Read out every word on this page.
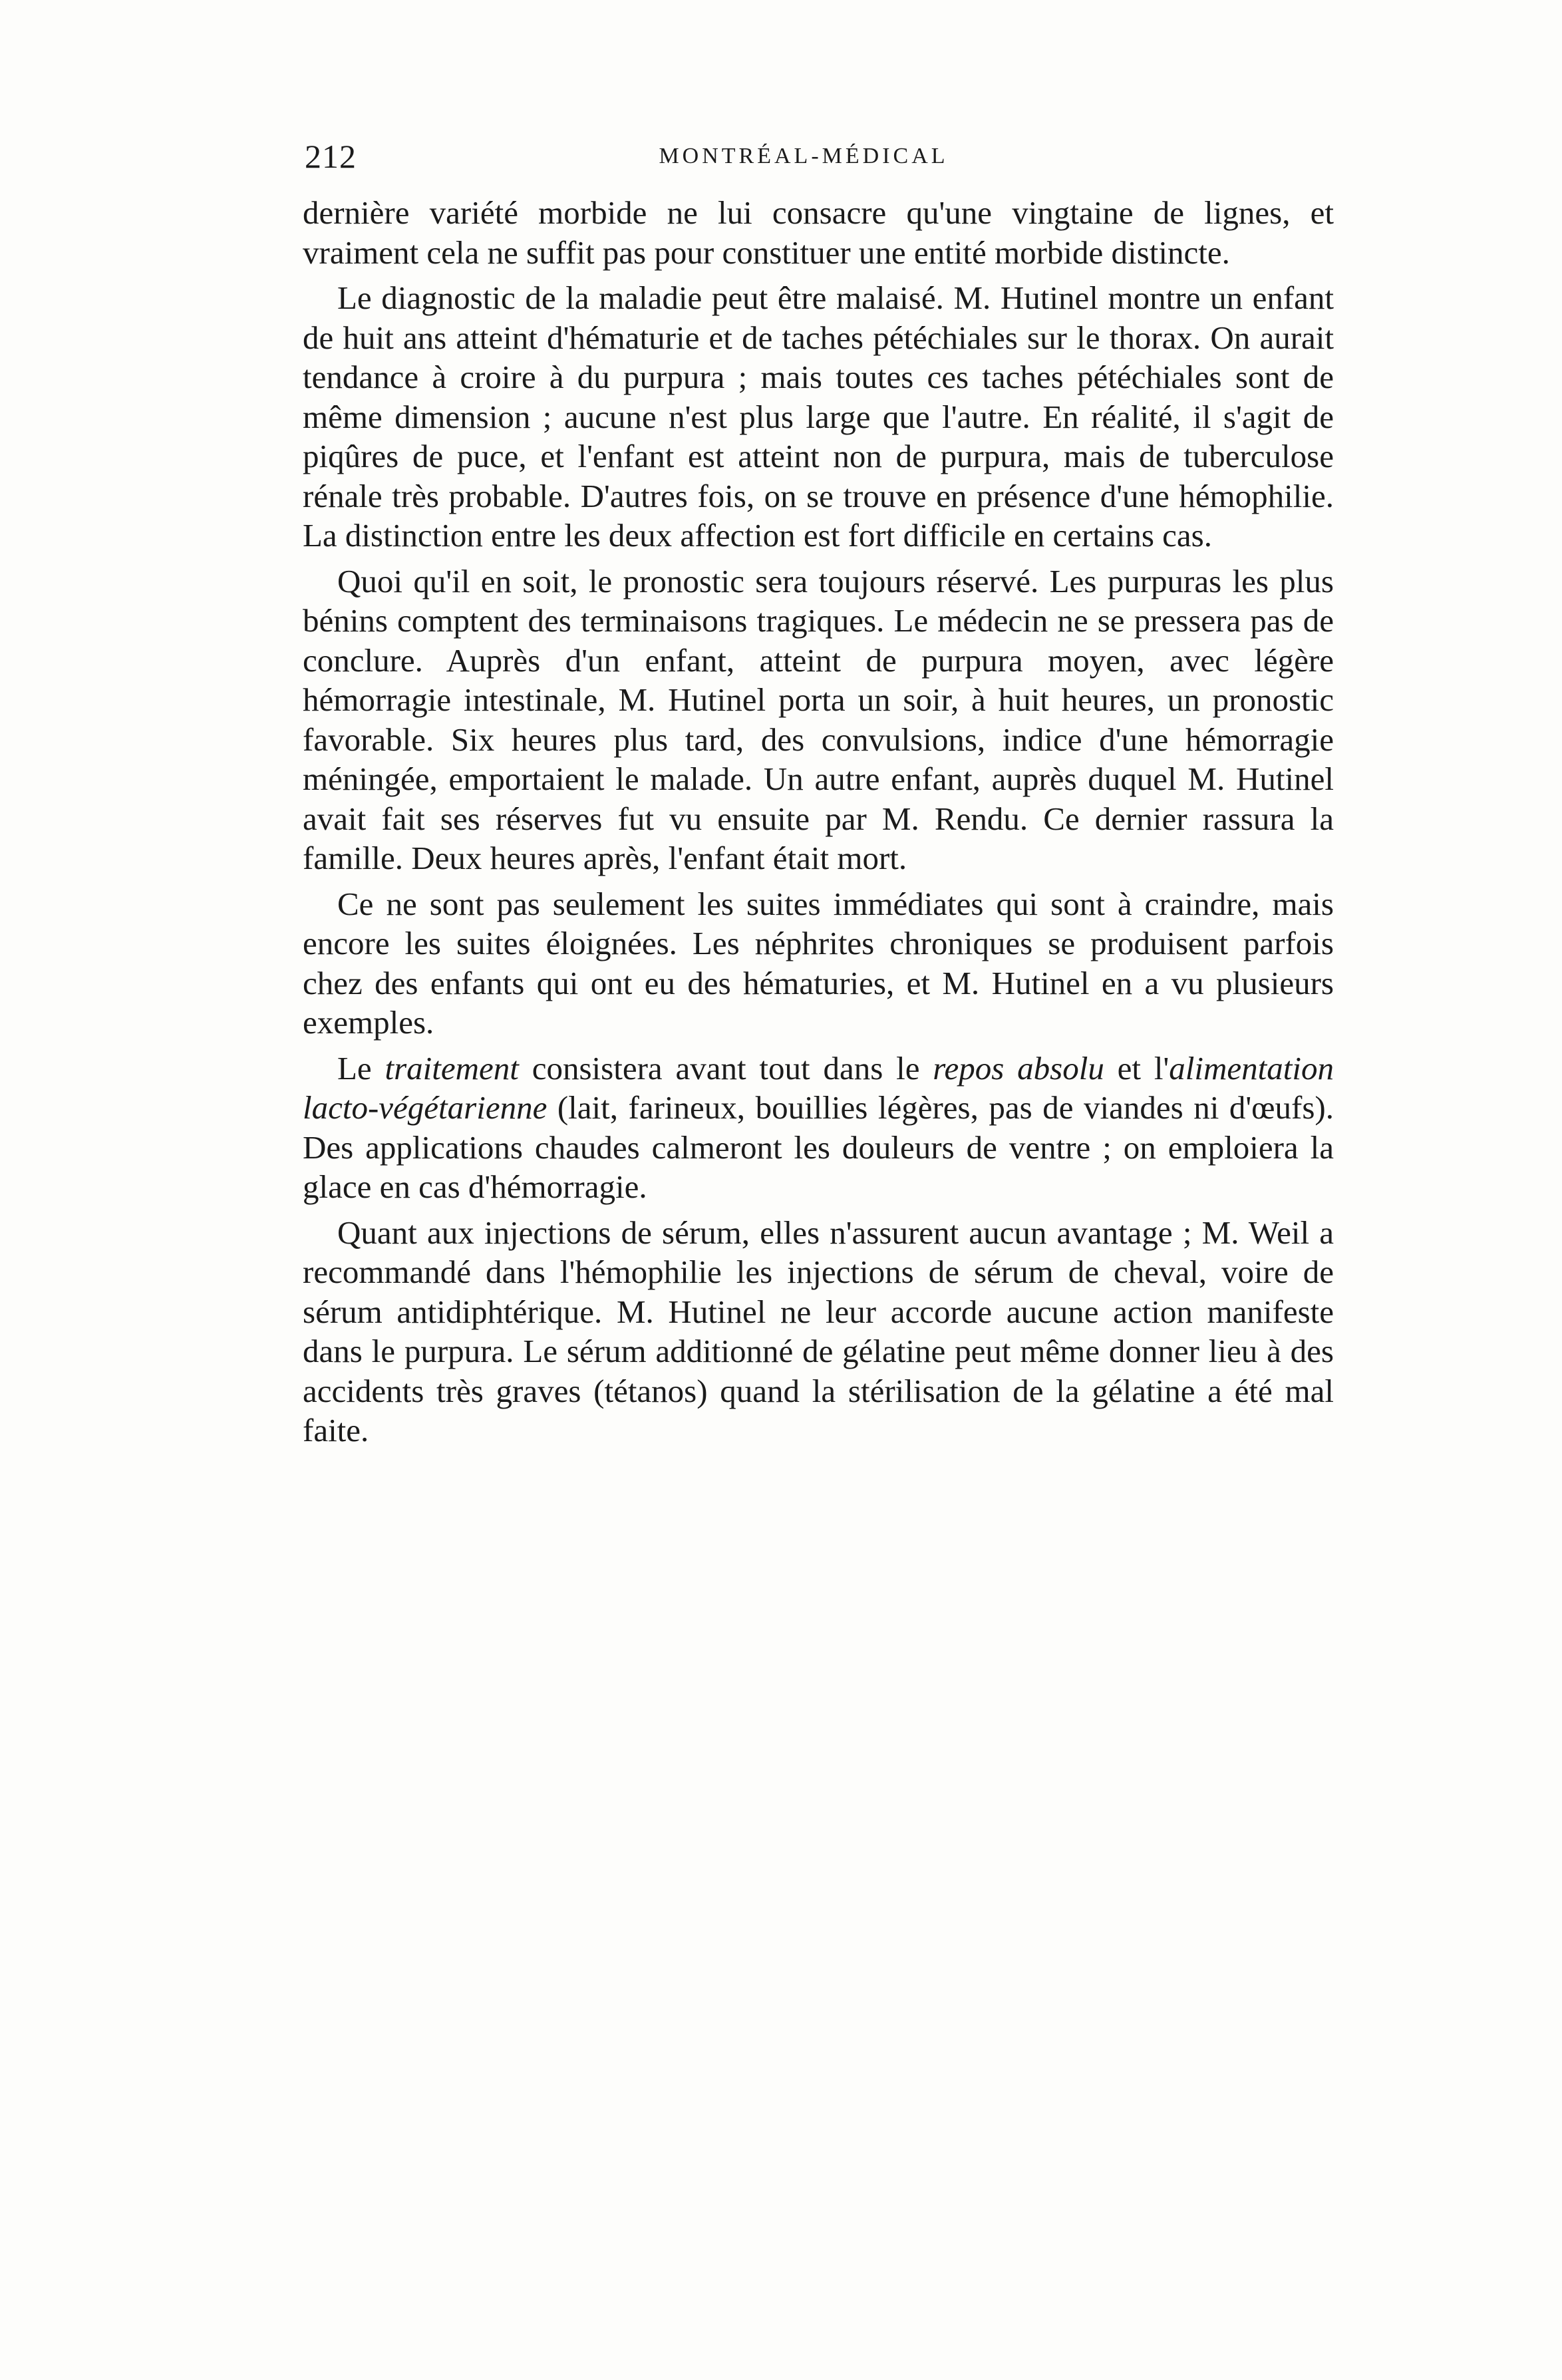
212	MONTRÉAL-MÉDICAL

dernière variété morbide ne lui consacre qu'une vingtaine de lignes, et vraiment cela ne suffit pas pour constituer une entité morbide distincte.

Le diagnostic de la maladie peut être malaisé. M. Hutinel montre un enfant de huit ans atteint d'hématurie et de taches pétéchiales sur le thorax. On aurait tendance à croire à du purpura ; mais toutes ces taches pétéchiales sont de même dimension ; aucune n'est plus large que l'autre. En réalité, il s'agit de piqûres de puce, et l'enfant est atteint non de purpura, mais de tuberculose rénale très probable. D'autres fois, on se trouve en présence d'une hémophilie. La distinction entre les deux affection est fort difficile en certains cas.

Quoi qu'il en soit, le pronostic sera toujours réservé. Les purpuras les plus bénins comptent des terminaisons tragiques. Le médecin ne se pressera pas de conclure. Auprès d'un enfant, atteint de purpura moyen, avec légère hémorragie intestinale, M. Hutinel porta un soir, à huit heures, un pronostic favorable. Six heures plus tard, des convulsions, indice d'une hémorragie méningée, emportaient le malade. Un autre enfant, auprès duquel M. Hutinel avait fait ses réserves fut vu ensuite par M. Rendu. Ce dernier rassura la famille. Deux heures après, l'enfant était mort.

Ce ne sont pas seulement les suites immédiates qui sont à craindre, mais encore les suites éloignées. Les néphrites chroniques se produisent parfois chez des enfants qui ont eu des hématuries, et M. Hutinel en a vu plusieurs exemples.

Le traitement consistera avant tout dans le repos absolu et l'alimentation lacto-végétarienne (lait, farineux, bouillies légères, pas de viandes ni d'œufs). Des applications chaudes calmeront les douleurs de ventre ; on emploiera la glace en cas d'hémorragie.

Quant aux injections de sérum, elles n'assurent aucun avantage ; M. Weil a recommandé dans l'hémophilie les injections de sérum de cheval, voire de sérum antidiphtérique. M. Hutinel ne leur accorde aucune action manifeste dans le purpura. Le sérum additionné de gélatine peut même donner lieu à des accidents très graves (tétanos) quand la stérilisation de la gélatine a été mal faite.
